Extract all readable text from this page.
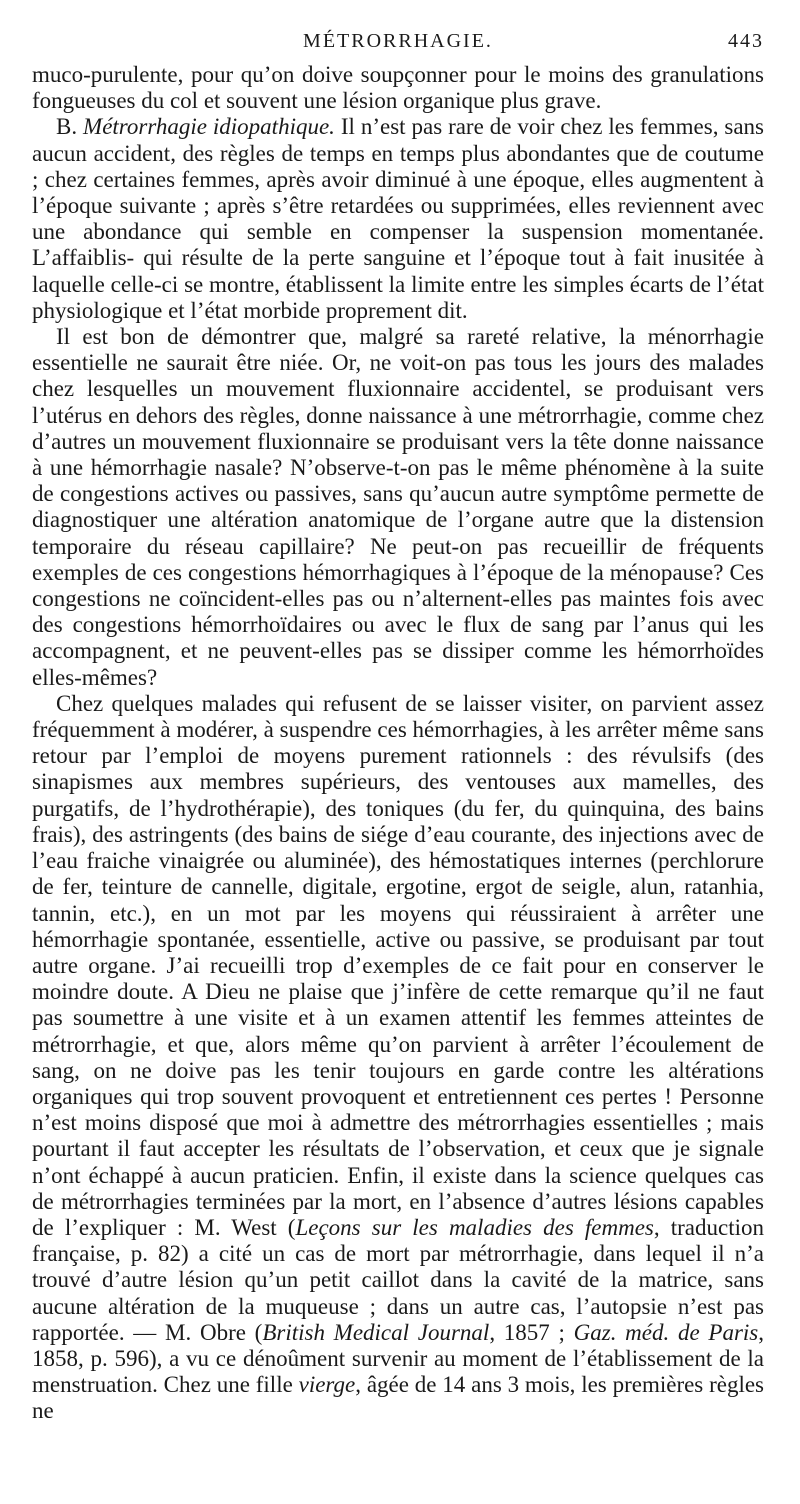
MÉTRORRHAGIE.	443

muco-purulente, pour qu’on doive soupçonner pour le moins des granulations fongueuses du col et souvent une lésion organique plus grave.

B. Métrorrhagie idiopathique. Il n’est pas rare de voir chez les femmes, sans aucun accident, des règles de temps en temps plus abondantes que de coutume ; chez certaines femmes, après avoir diminué à une époque, elles augmentent à l’époque suivante ; après s’être retardées ou supprimées, elles reviennent avec une abondance qui semble en compenser la suspension momentanée. L’affaiblis- qui résulte de la perte sanguine et l’époque tout à fait inusitée à laquelle celle-ci se montre, établissent la limite entre les simples écarts de l’état physiologique et l’état morbide proprement dit.

Il est bon de démontrer que, malgré sa rareté relative, la ménorrhagie essentielle ne saurait être niée. Or, ne voit-on pas tous les jours des malades chez lesquelles un mouvement fluxionnaire accidentel, se produisant vers l’utérus en dehors des règles, donne naissance à une métrorrhagie, comme chez d’autres un mouvement fluxionnaire se produisant vers la tête donne naissance à une hémorrhagie nasale? N’observe-t-on pas le même phénomène à la suite de congestions actives ou passives, sans qu’aucun autre symptôme permette de diagnostiquer une altération anatomique de l’organe autre que la distension temporaire du réseau capillaire? Ne peut-on pas recueillir de fréquents exemples de ces congestions hémorrhagiques à l’époque de la ménopause? Ces congestions ne coïncident-elles pas ou n’alternent-elles pas maintes fois avec des congestions hémorrhoïdaires ou avec le flux de sang par l’anus qui les accompagnent, et ne peuvent-elles pas se dissiper comme les hémorrhoïdes elles-mêmes?

Chez quelques malades qui refusent de se laisser visiter, on parvient assez fréquemment à modérer, à suspendre ces hémorrhagies, à les arrêter même sans retour par l’emploi de moyens purement rationnels : des révulsifs (des sinapismes aux membres supérieurs, des ventouses aux mamelles, des purgatifs, de l’hydrothérapie), des toniques (du fer, du quinquina, des bains frais), des astringents (des bains de siége d’eau courante, des injections avec de l’eau fraiche vinaigrée ou aluminée), des hémostatiques internes (perchlorure de fer, teinture de cannelle, digitale, ergotine, ergot de seigle, alun, ratanhia, tannin, etc.), en un mot par les moyens qui réussiraient à arrêter une hémorrhagie spontanée, essentielle, active ou passive, se produisant par tout autre organe. J’ai recueilli trop d’exemples de ce fait pour en conserver le moindre doute. A Dieu ne plaise que j’infère de cette remarque qu’il ne faut pas soumettre à une visite et à un examen attentif les femmes atteintes de métrorrhagie, et que, alors même qu’on parvient à arrêter l’écoulement de sang, on ne doive pas les tenir toujours en garde contre les altérations organiques qui trop souvent provoquent et entretiennent ces pertes ! Personne n’est moins disposé que moi à admettre des métrorrhagies essentielles ; mais pourtant il faut accepter les résultats de l’observation, et ceux que je signale n’ont échappé à aucun praticien. Enfin, il existe dans la science quelques cas de métrorrhagies terminées par la mort, en l’absence d’autres lésions capables de l’expliquer : M. West (Leçons sur les maladies des femmes, traduction française, p. 82) a cité un cas de mort par métrorrhagie, dans lequel il n’a trouvé d’autre lésion qu’un petit caillot dans la cavité de la matrice, sans aucune altération de la muqueuse ; dans un autre cas, l’autopsie n’est pas rapportée. — M. Obre (British Medical Journal, 1857 ; Gaz. méd. de Paris, 1858, p. 596), a vu ce dénoûment survenir au moment de l’établissement de la menstruation. Chez une fille vierge, âgée de 14 ans 3 mois, les premières règles ne
